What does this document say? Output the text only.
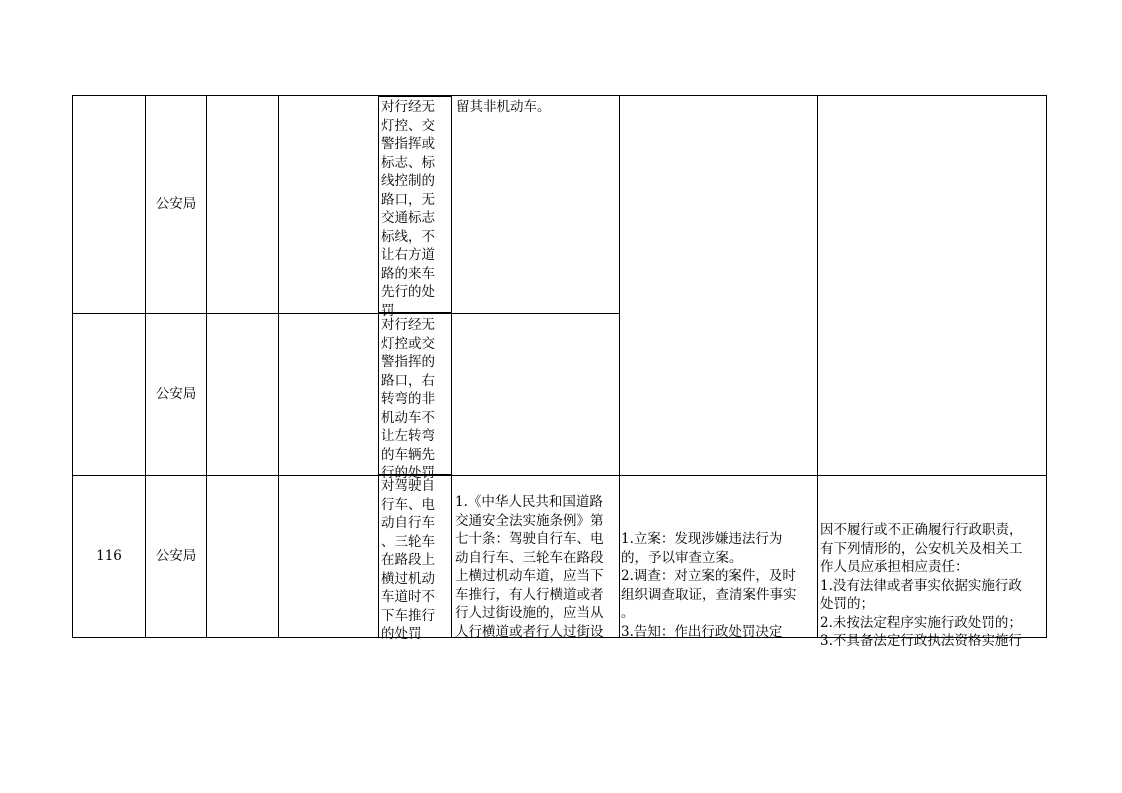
公安局
对行经无
灯控、交
警指挥或
标志、标
线控制的
路口，无
交通标志
标线，不
让右方道
路的来车
先行的处
罚
留其非机动车。
公安局
对行经无
灯控或交
警指挥的
路口，右
转弯的非
机动车不
让左转弯
的车辆先
行的处罚
116	公安局
对驾驶自
行车、电
动自行车
、三轮车
在路段上
横过机动
车道时不
下车推行
的处罚
1.《中华人民共和国道路
交通安全法实施条例》第
七十条：驾驶自行车、电
动自行车、三轮车在路段
上横过机动车道，应当下
车推行，有人行横道或者
行人过街设施的，应当从
人行横道或者行人过街设
1.立案：发现涉嫌违法行为
的，予以审查立案。
2.调查：对立案的案件，及时
组织调查取证，查清案件事实
。
3.告知：作出行政处罚决定
因不履行或不正确履行行政职责，
有下列情形的，公安机关及相关工
作人员应承担相应责任：
1.没有法律或者事实依据实施行政
处罚的；
2.未按法定程序实施行政处罚的；
3.不具备法定行政执法资格实施行
